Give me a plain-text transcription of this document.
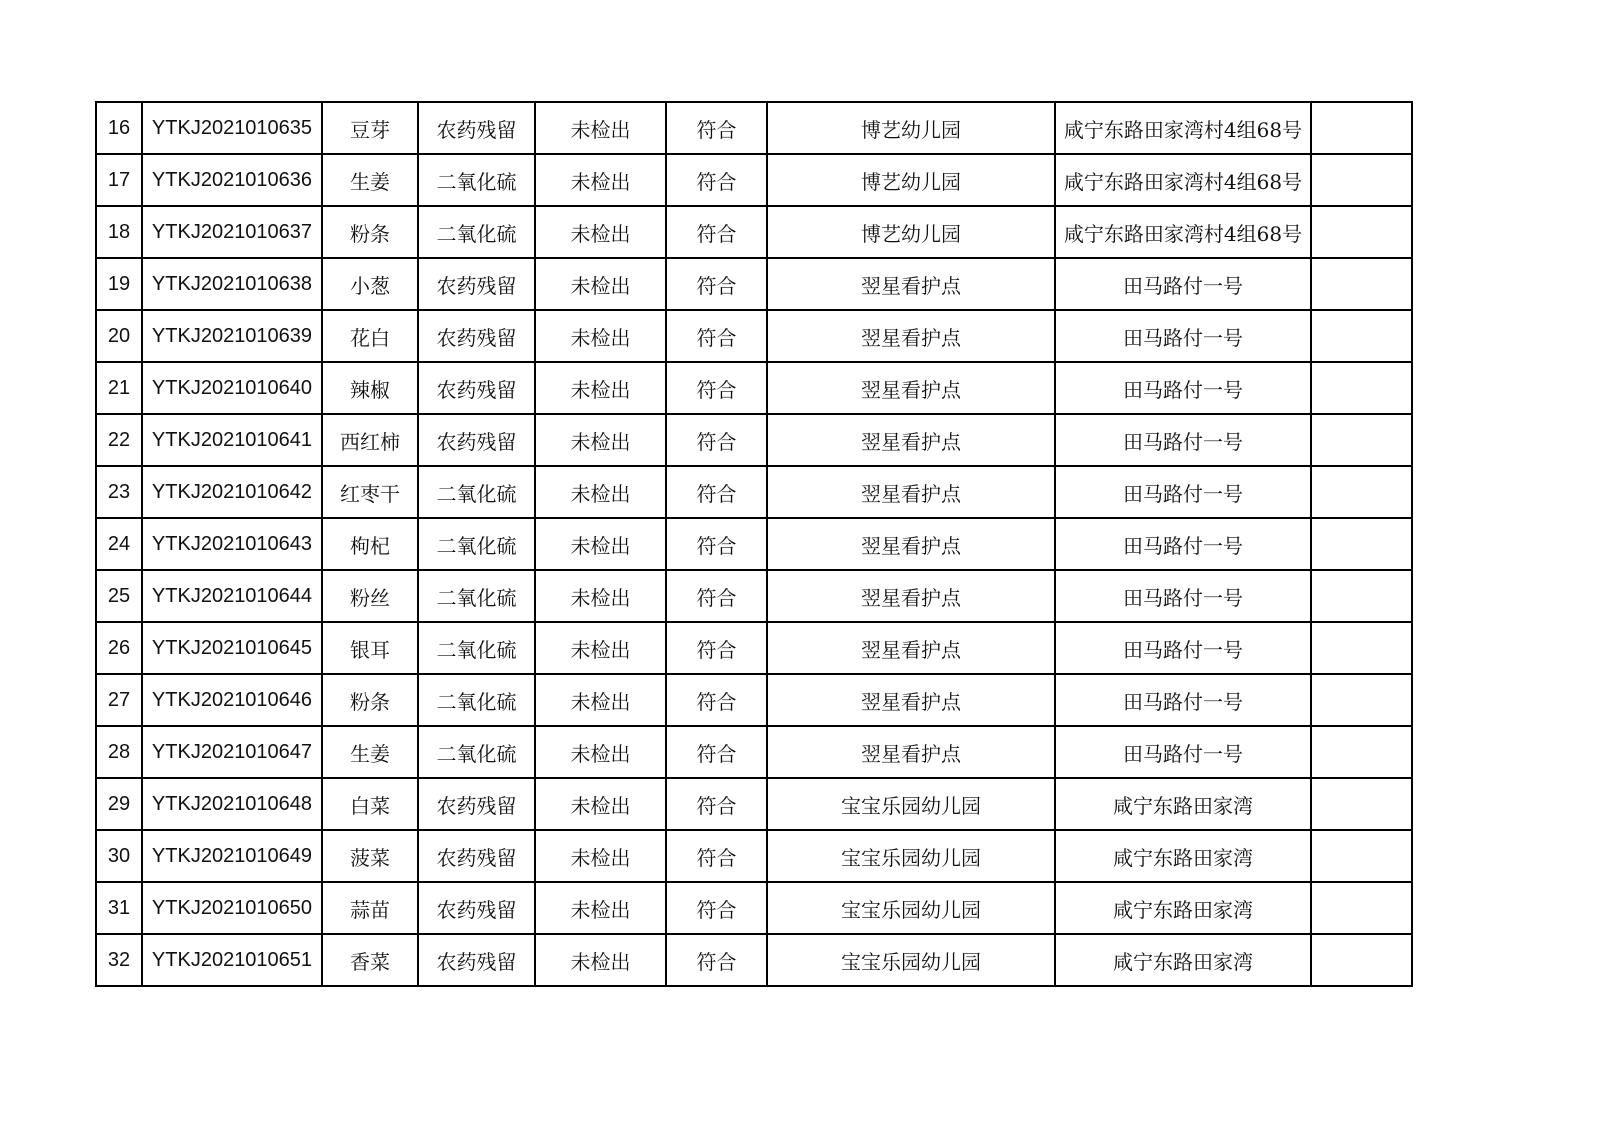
16	YTKJ2021010635	豆芽	农药残留	未检出	符合	博艺幼儿园	咸宁东路田家湾村4组68号	
17	YTKJ2021010636	生姜	二氧化硫	未检出	符合	博艺幼儿园	咸宁东路田家湾村4组68号	
18	YTKJ2021010637	粉条	二氧化硫	未检出	符合	博艺幼儿园	咸宁东路田家湾村4组68号	
19	YTKJ2021010638	小葱	农药残留	未检出	符合	翌星看护点	田马路付一号	
20	YTKJ2021010639	花白	农药残留	未检出	符合	翌星看护点	田马路付一号	
21	YTKJ2021010640	辣椒	农药残留	未检出	符合	翌星看护点	田马路付一号	
22	YTKJ2021010641	西红柿	农药残留	未检出	符合	翌星看护点	田马路付一号	
23	YTKJ2021010642	红枣干	二氧化硫	未检出	符合	翌星看护点	田马路付一号	
24	YTKJ2021010643	枸杞	二氧化硫	未检出	符合	翌星看护点	田马路付一号	
25	YTKJ2021010644	粉丝	二氧化硫	未检出	符合	翌星看护点	田马路付一号	
26	YTKJ2021010645	银耳	二氧化硫	未检出	符合	翌星看护点	田马路付一号	
27	YTKJ2021010646	粉条	二氧化硫	未检出	符合	翌星看护点	田马路付一号	
28	YTKJ2021010647	生姜	二氧化硫	未检出	符合	翌星看护点	田马路付一号	
29	YTKJ2021010648	白菜	农药残留	未检出	符合	宝宝乐园幼儿园	咸宁东路田家湾	
30	YTKJ2021010649	菠菜	农药残留	未检出	符合	宝宝乐园幼儿园	咸宁东路田家湾	
31	YTKJ2021010650	蒜苗	农药残留	未检出	符合	宝宝乐园幼儿园	咸宁东路田家湾	
32	YTKJ2021010651	香菜	农药残留	未检出	符合	宝宝乐园幼儿园	咸宁东路田家湾	
